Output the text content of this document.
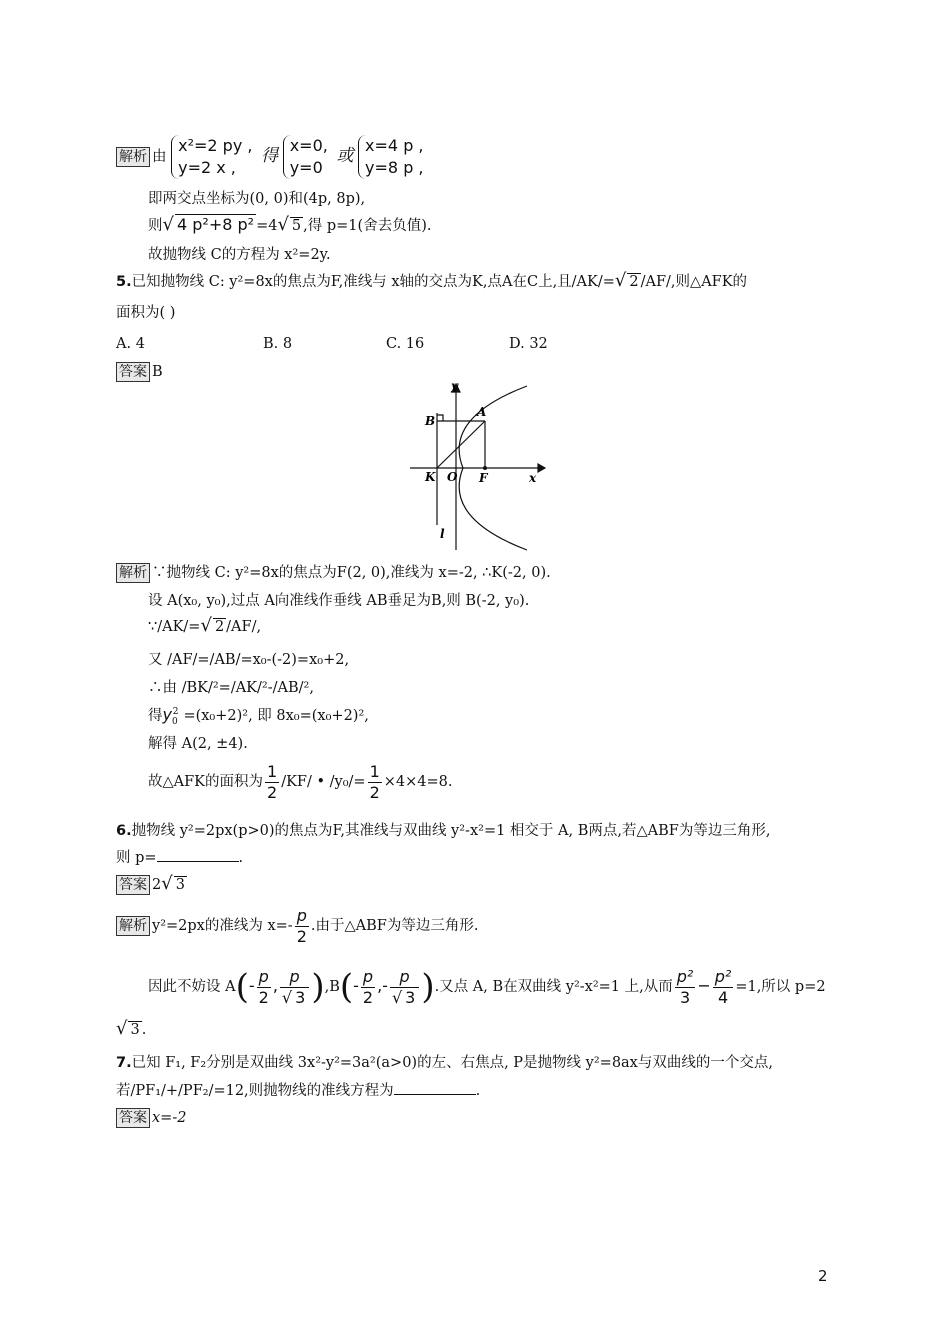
解析 由
x²=2 py ,
y=2 x ,
得
x=0,
y=0
或
x=4 p ,
y=8 p ,
即两交点坐标为(0, 0)和(4p, 8p),
则√ 4 p²+8 p² =4√ 5 ,得 p=1(舍去负值).
故抛物线 C的方程为 x²=2y.
5.已知抛物线 C: y²=8x的焦点为F,准线与 x轴的交点为K,点A在C上,且/AK/=√ 2 /AF/,则△AFK的
面积为( )
A. 4	B. 8	C. 16	D. 32
答案 B
y
x
A
B
K O F
l
解析 ∵抛物线 C: y²=8x的焦点为F(2, 0),准线为 x=-2, ∴K(-2, 0).
设 A(x₀, y₀),过点 A向准线作垂线 AB垂足为B,则 B(-2, y₀).
∵/AK/=√ 2 /AF/,
又 /AF/=/AB/=x₀-(-2)=x₀+2,
∴由 /BK/²=/AK/²-/AB/²,
得$y_0^2 =(x_0+2)^2$, 即 8x₀=(x₀+2)²,
解得 A(2, ±4).
故△AFK的面积为 $\frac{1}{2} /KF/$ • $/y_0/= \frac{1}{2} \times 4\times 4=8$.
6.抛物线 y²=2px(p>0)的焦点为F,其准线与双曲线 y²-x²=1 相交于 A, B两点,若△ABF为等边三角形,
则 p=	.
答案 2√ 3
解析 y²=2px的准线为 $x=- \frac{p}{2}$ .由于△ABF为等边三角形.
因此不妨设 $A(- \frac{p}{2}$ , $\frac{p}{√ 3} ),B(- \frac{p}{2}$ ,- $\frac{p}{√ 3}$ ).又点 A, B在双曲线 y²-x²=1 上,从而 $\frac{\text{p²}}{3} - \frac{\text{p²}}{4} =1$,所以 p=2
√ 3 .
7.已知 F₁, F₂分别是双曲线 3x²-y²=3a²(a>0)的左、右焦点, P是抛物线 y²=8ax与双曲线的一个交点,
若/PF₁/+/PF₂/=12,则抛物线的准线方程为	.
答案 x=-2
2
